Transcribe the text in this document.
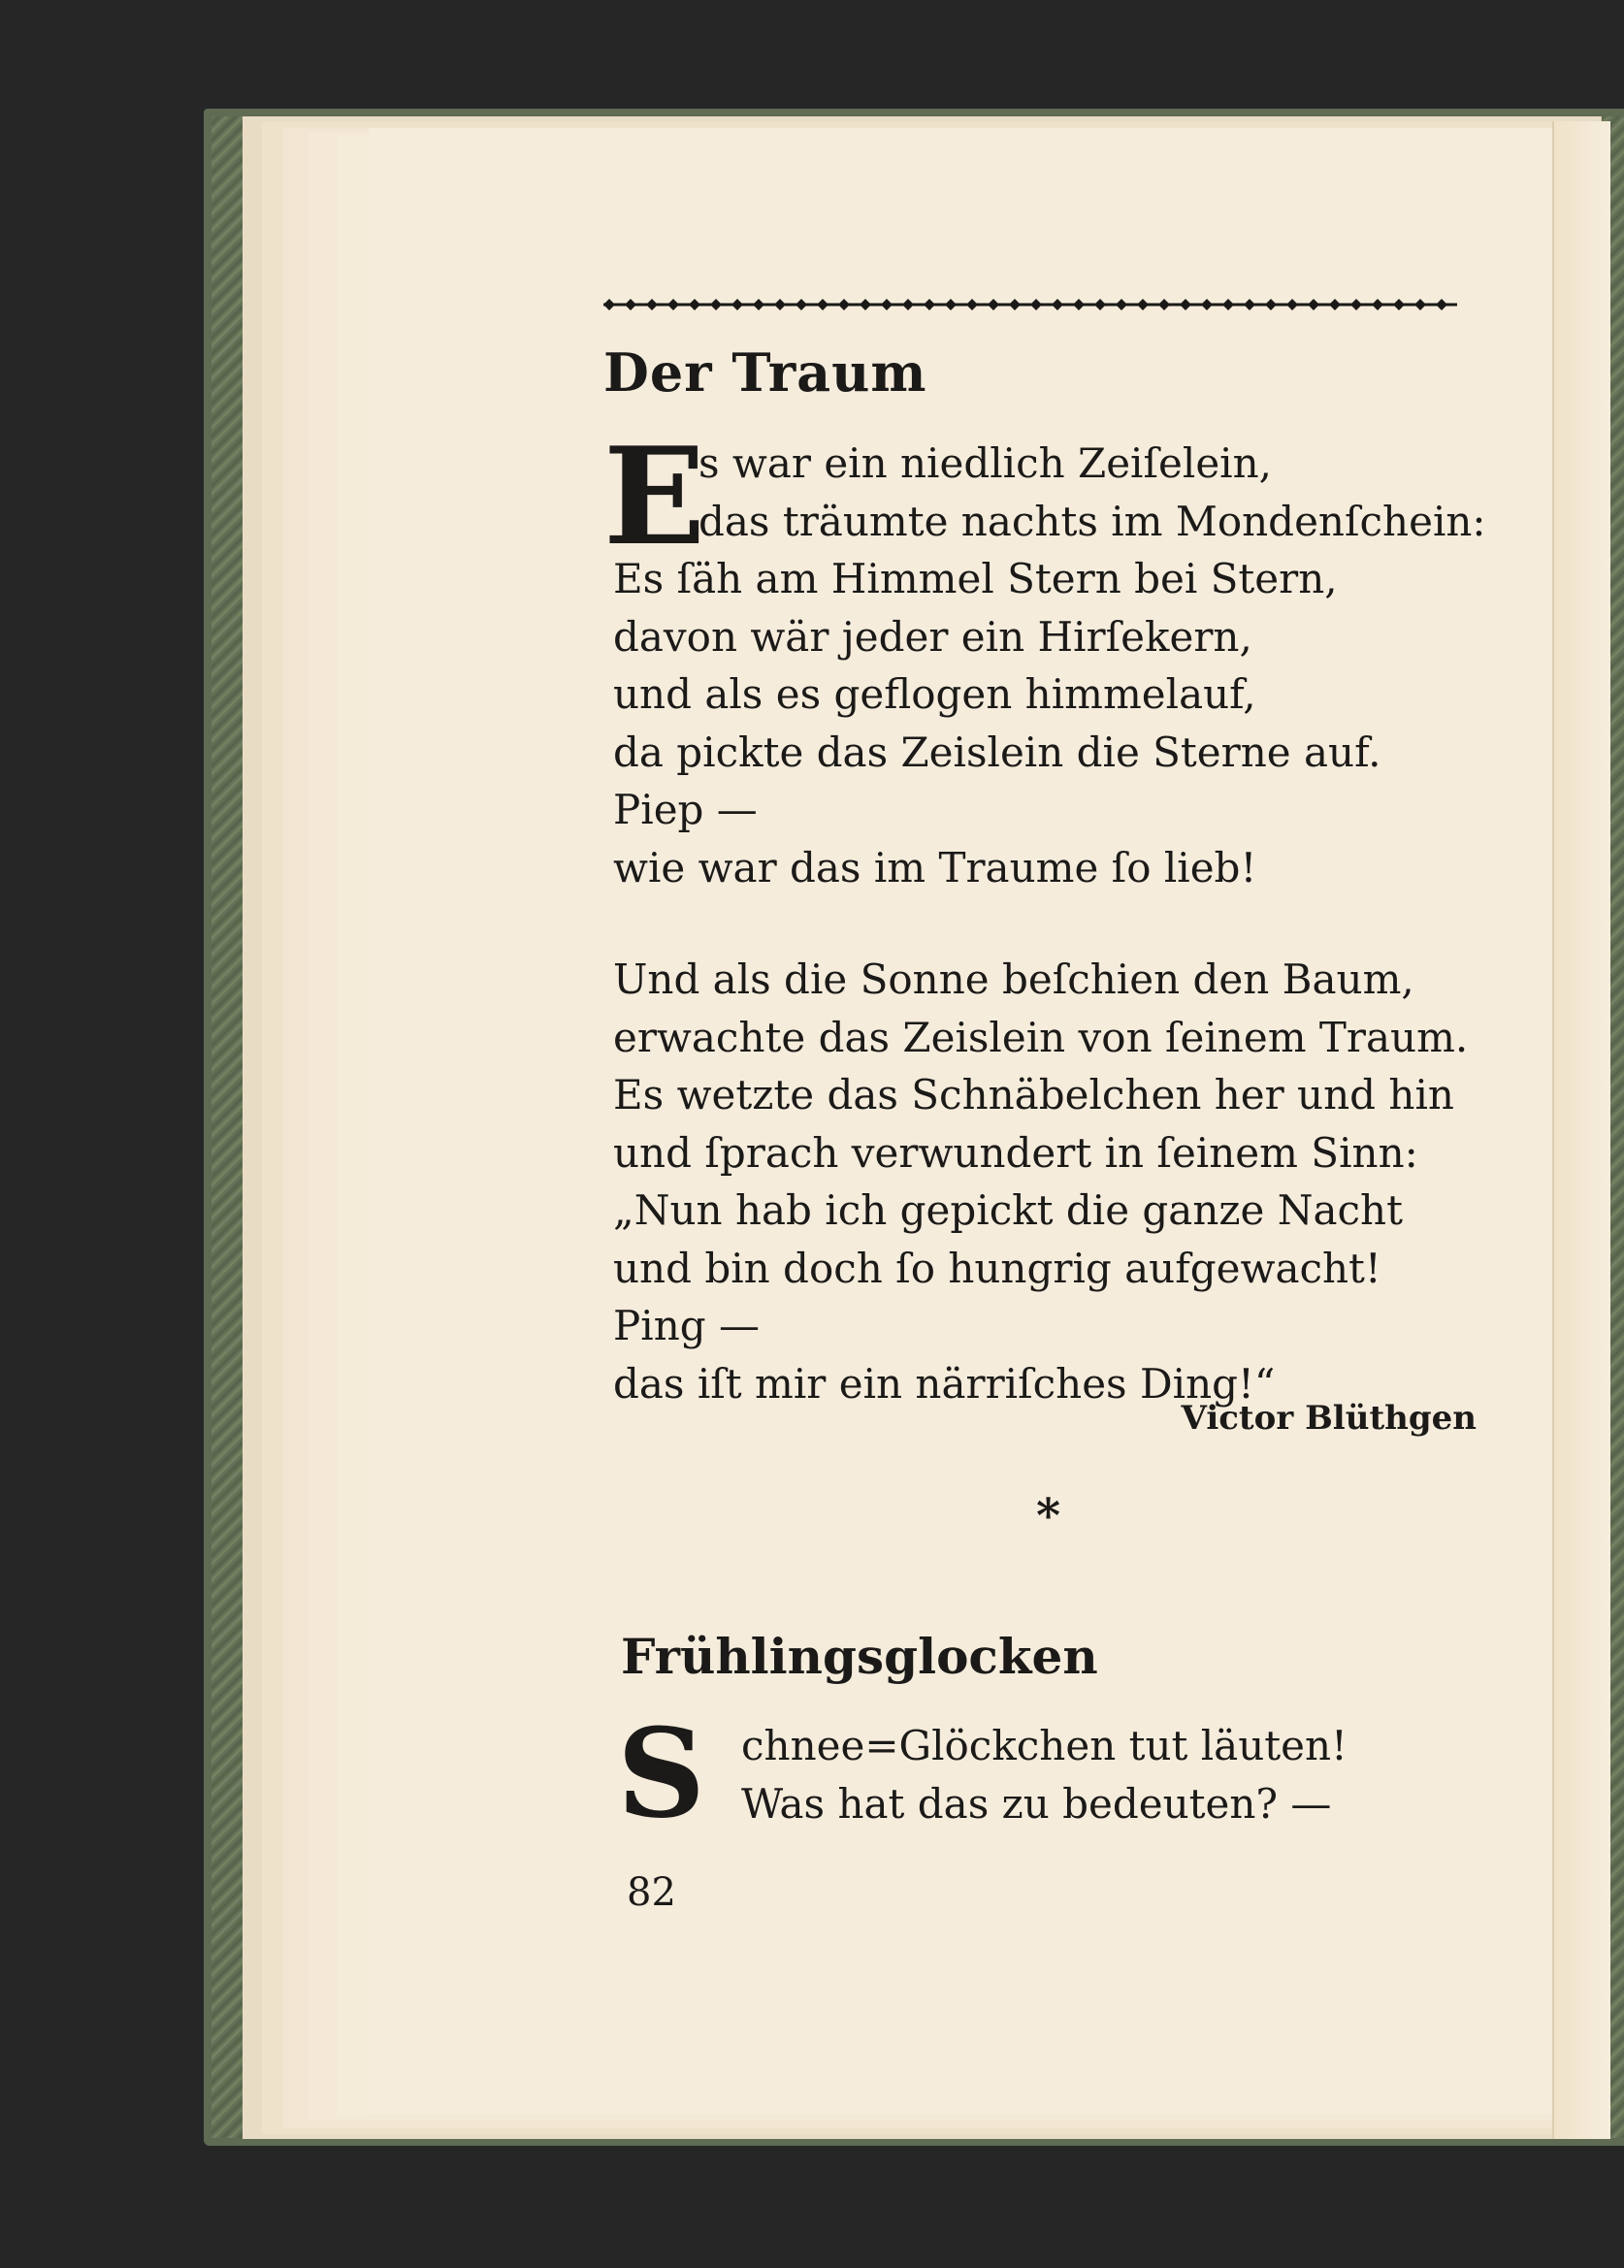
Der Traum
E
s war ein niedlich Zeiſelein,
das träumte nachts im Mondenſchein:
Es ſäh am Himmel Stern bei Stern,
davon wär jeder ein Hirſekern,
und als es geflogen himmelauf,
da pickte das Zeislein die Sterne auf.
Piep —
wie war das im Traume ſo lieb!
Und als die Sonne beſchien den Baum,
erwachte das Zeislein von ſeinem Traum.
Es wetzte das Schnäbelchen her und hin
und ſprach verwundert in ſeinem Sinn:
„Nun hab ich gepickt die ganze Nacht
und bin doch ſo hungrig aufgewacht!
Ping —
das iſt mir ein närriſches Ding!“
Victor Blüthgen
*
Frühlingsglocken
S chnee=Glöckchen tut läuten!
Was hat das zu bedeuten? —
82
